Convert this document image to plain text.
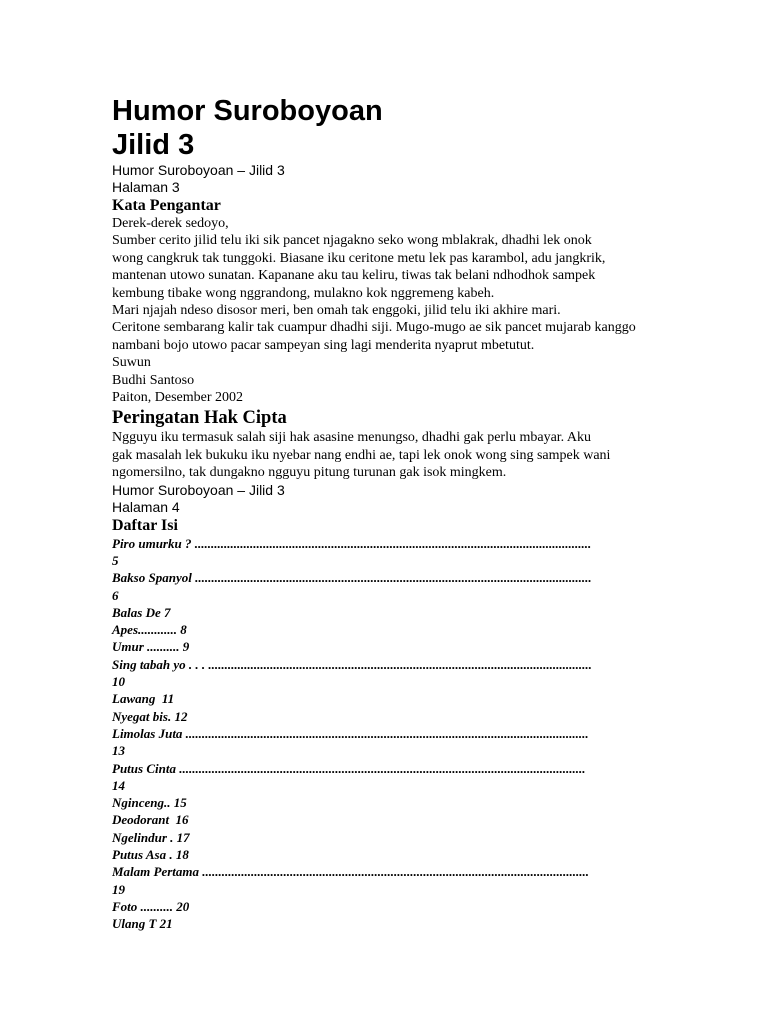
Humor Suroboyoan
Jilid 3

Humor Suroboyoan – Jilid 3

Halaman 3

Kata Pengantar

Derek-derek sedoyo,

Sumber cerito jilid telu iki sik pancet njagakno seko wong mblakrak, dhadhi lek onok

wong cangkruk tak tunggoki. Biasane iku ceritone metu lek pas karambol, adu jangkrik,

mantenan utowo sunatan. Kapanane aku tau keliru, tiwas tak belani ndhodhok sampek

kembung tibake wong nggrandong, mulakno kok nggremeng kabeh.

Mari njajah ndeso disosor meri, ben omah tak enggoki, jilid telu iki akhire mari.

Ceritone sembarang kalir tak cuampur dhadhi siji. Mugo-mugo ae sik pancet mujarab kanggo

nambani bojo utowo pacar sampeyan sing lagi menderita nyaprut mbetutut.

Suwun

Budhi Santoso

Paiton, Desember 2002

Peringatan Hak Cipta

Ngguyu iku termasuk salah siji hak asasine menungso, dhadhi gak perlu mbayar. Aku

gak masalah lek bukuku iku nyebar nang endhi ae, tapi lek onok wong sing sampek wani

ngomersilno, tak dungakno ngguyu pitung turunan gak isok mingkem.

Humor Suroboyoan – Jilid 3

Halaman 4

Daftar Isi
Piro umurku ? ..........................................................................................................................
5
Bakso Spanyol ..........................................................................................................................
6
Balas De 7
Apes............ 8
Umur .......... 9
Sing tabah yo . . . ......................................................................................................................
10
Lawang  11
Nyegat bis. 12
Limolas Juta ............................................................................................................................
13
Putus Cinta .............................................................................................................................
14
Nginceng.. 15
Deodorant  16
Ngelindur . 17
Putus Asa . 18
Malam Pertama .......................................................................................................................
19
Foto .......... 20
Ulang T 21
